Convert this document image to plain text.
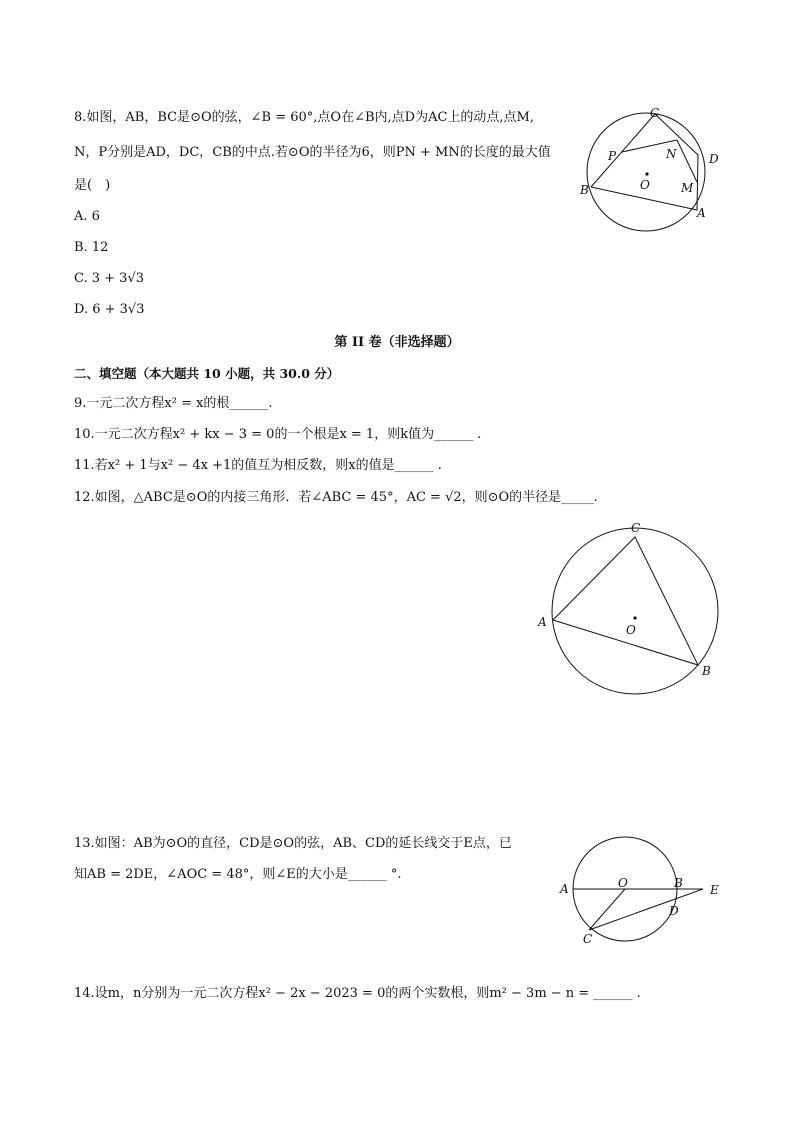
8.如图，AB，BC是⊙O的弦，∠B = 60°,点O在∠B内,点D为AC上的动点,点M,
N，P分别是AD，DC，CB的中点.若⊙O的半径为6，则PN + MN的长度的最大值
是(　)
A. 6
B. 12
C. 3 + 3√3
D. 6 + 3√3
C
P	N	D
O	M
B
A
第 II 卷（非选择题）
二、填空题（本大题共 10 小题，共 30.0 分）
9.一元二次方程x² = x的根______.
10.一元二次方程x² + kx − 3 = 0的一个根是x = 1，则k值为______ .
11.若x² + 1与x² − 4x +1的值互为相反数，则x的值是______ .
12.如图，△ABC是⊙O的内接三角形．若∠ABC = 45°，AC = √2，则⊙O的半径是_____.
C
A
O
B
13.如图：AB为⊙O的直径，CD是⊙O的弦，AB、CD的延长线交于E点，已
知AB = 2DE，∠AOC = 48°，则∠E的大小是______ °.
A	O	B E
D
C
14.设m，n分别为一元二次方程x² − 2x − 2023 = 0的两个实数根，则m² − 3m − n = ______ .
